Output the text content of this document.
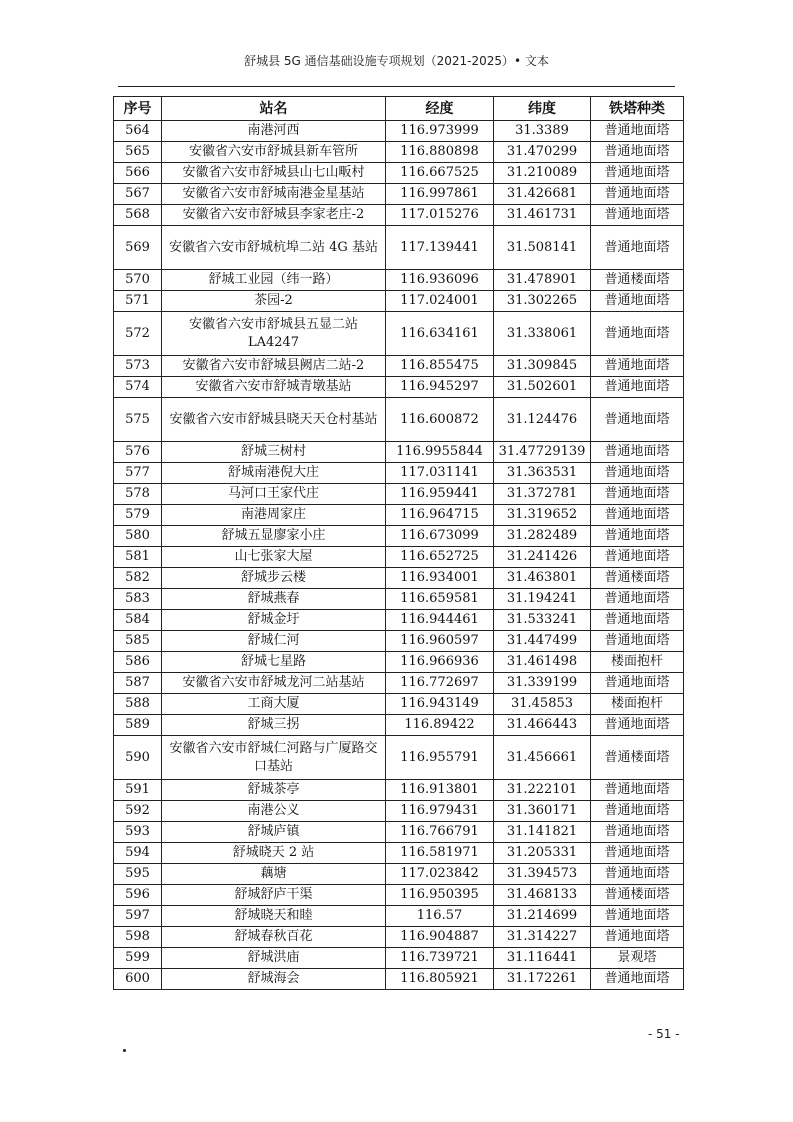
舒城县 5G 通信基础设施专项规划（2021-2025）• 文本
序号	站名	经度	纬度	铁塔种类
564	南港河西	116.973999	31.3389	普通地面塔
565	安徽省六安市舒城县新车管所	116.880898	31.470299	普通地面塔
566	安徽省六安市舒城县山七山畈村	116.667525	31.210089	普通地面塔
567	安徽省六安市舒城南港金星基站	116.997861	31.426681	普通地面塔
568	安徽省六安市舒城县李家老庄-2	117.015276	31.461731	普通地面塔
569	安徽省六安市舒城杭埠二站 4G 基站	117.139441	31.508141	普通地面塔
570	舒城工业园（纬一路）	116.936096	31.478901	普通楼面塔
571	茶园-2	117.024001	31.302265	普通地面塔
572	安徽省六安市舒城县五显二站 LA4247	116.634161	31.338061	普通地面塔
573	安徽省六安市舒城县阙店二站-2	116.855475	31.309845	普通地面塔
574	安徽省六安市舒城青墩基站	116.945297	31.502601	普通地面塔
575	安徽省六安市舒城县晓天天仓村基站	116.600872	31.124476	普通地面塔
576	舒城三树村	116.9955844	31.47729139	普通地面塔
577	舒城南港倪大庄	117.031141	31.363531	普通地面塔
578	马河口王家代庄	116.959441	31.372781	普通地面塔
579	南港周家庄	116.964715	31.319652	普通地面塔
580	舒城五显廖家小庄	116.673099	31.282489	普通地面塔
581	山七张家大屋	116.652725	31.241426	普通地面塔
582	舒城步云楼	116.934001	31.463801	普通楼面塔
583	舒城燕春	116.659581	31.194241	普通地面塔
584	舒城金圩	116.944461	31.533241	普通地面塔
585	舒城仁河	116.960597	31.447499	普通地面塔
586	舒城七星路	116.966936	31.461498	楼面抱杆
587	安徽省六安市舒城龙河二站基站	116.772697	31.339199	普通地面塔
588	工商大厦	116.943149	31.45853	楼面抱杆
589	舒城三拐	116.89422	31.466443	普通地面塔
590	安徽省六安市舒城仁河路与广厦路交口基站	116.955791	31.456661	普通楼面塔
591	舒城茶亭	116.913801	31.222101	普通地面塔
592	南港公义	116.979431	31.360171	普通地面塔
593	舒城庐镇	116.766791	31.141821	普通地面塔
594	舒城晓天 2 站	116.581971	31.205331	普通地面塔
595	藕塘	117.023842	31.394573	普通地面塔
596	舒城舒庐干渠	116.950395	31.468133	普通楼面塔
597	舒城晓天和睦	116.57	31.214699	普通地面塔
598	舒城春秋百花	116.904887	31.314227	普通地面塔
599	舒城洪庙	116.739721	31.116441	景观塔
600	舒城海会	116.805921	31.172261	普通地面塔
- 51 -
